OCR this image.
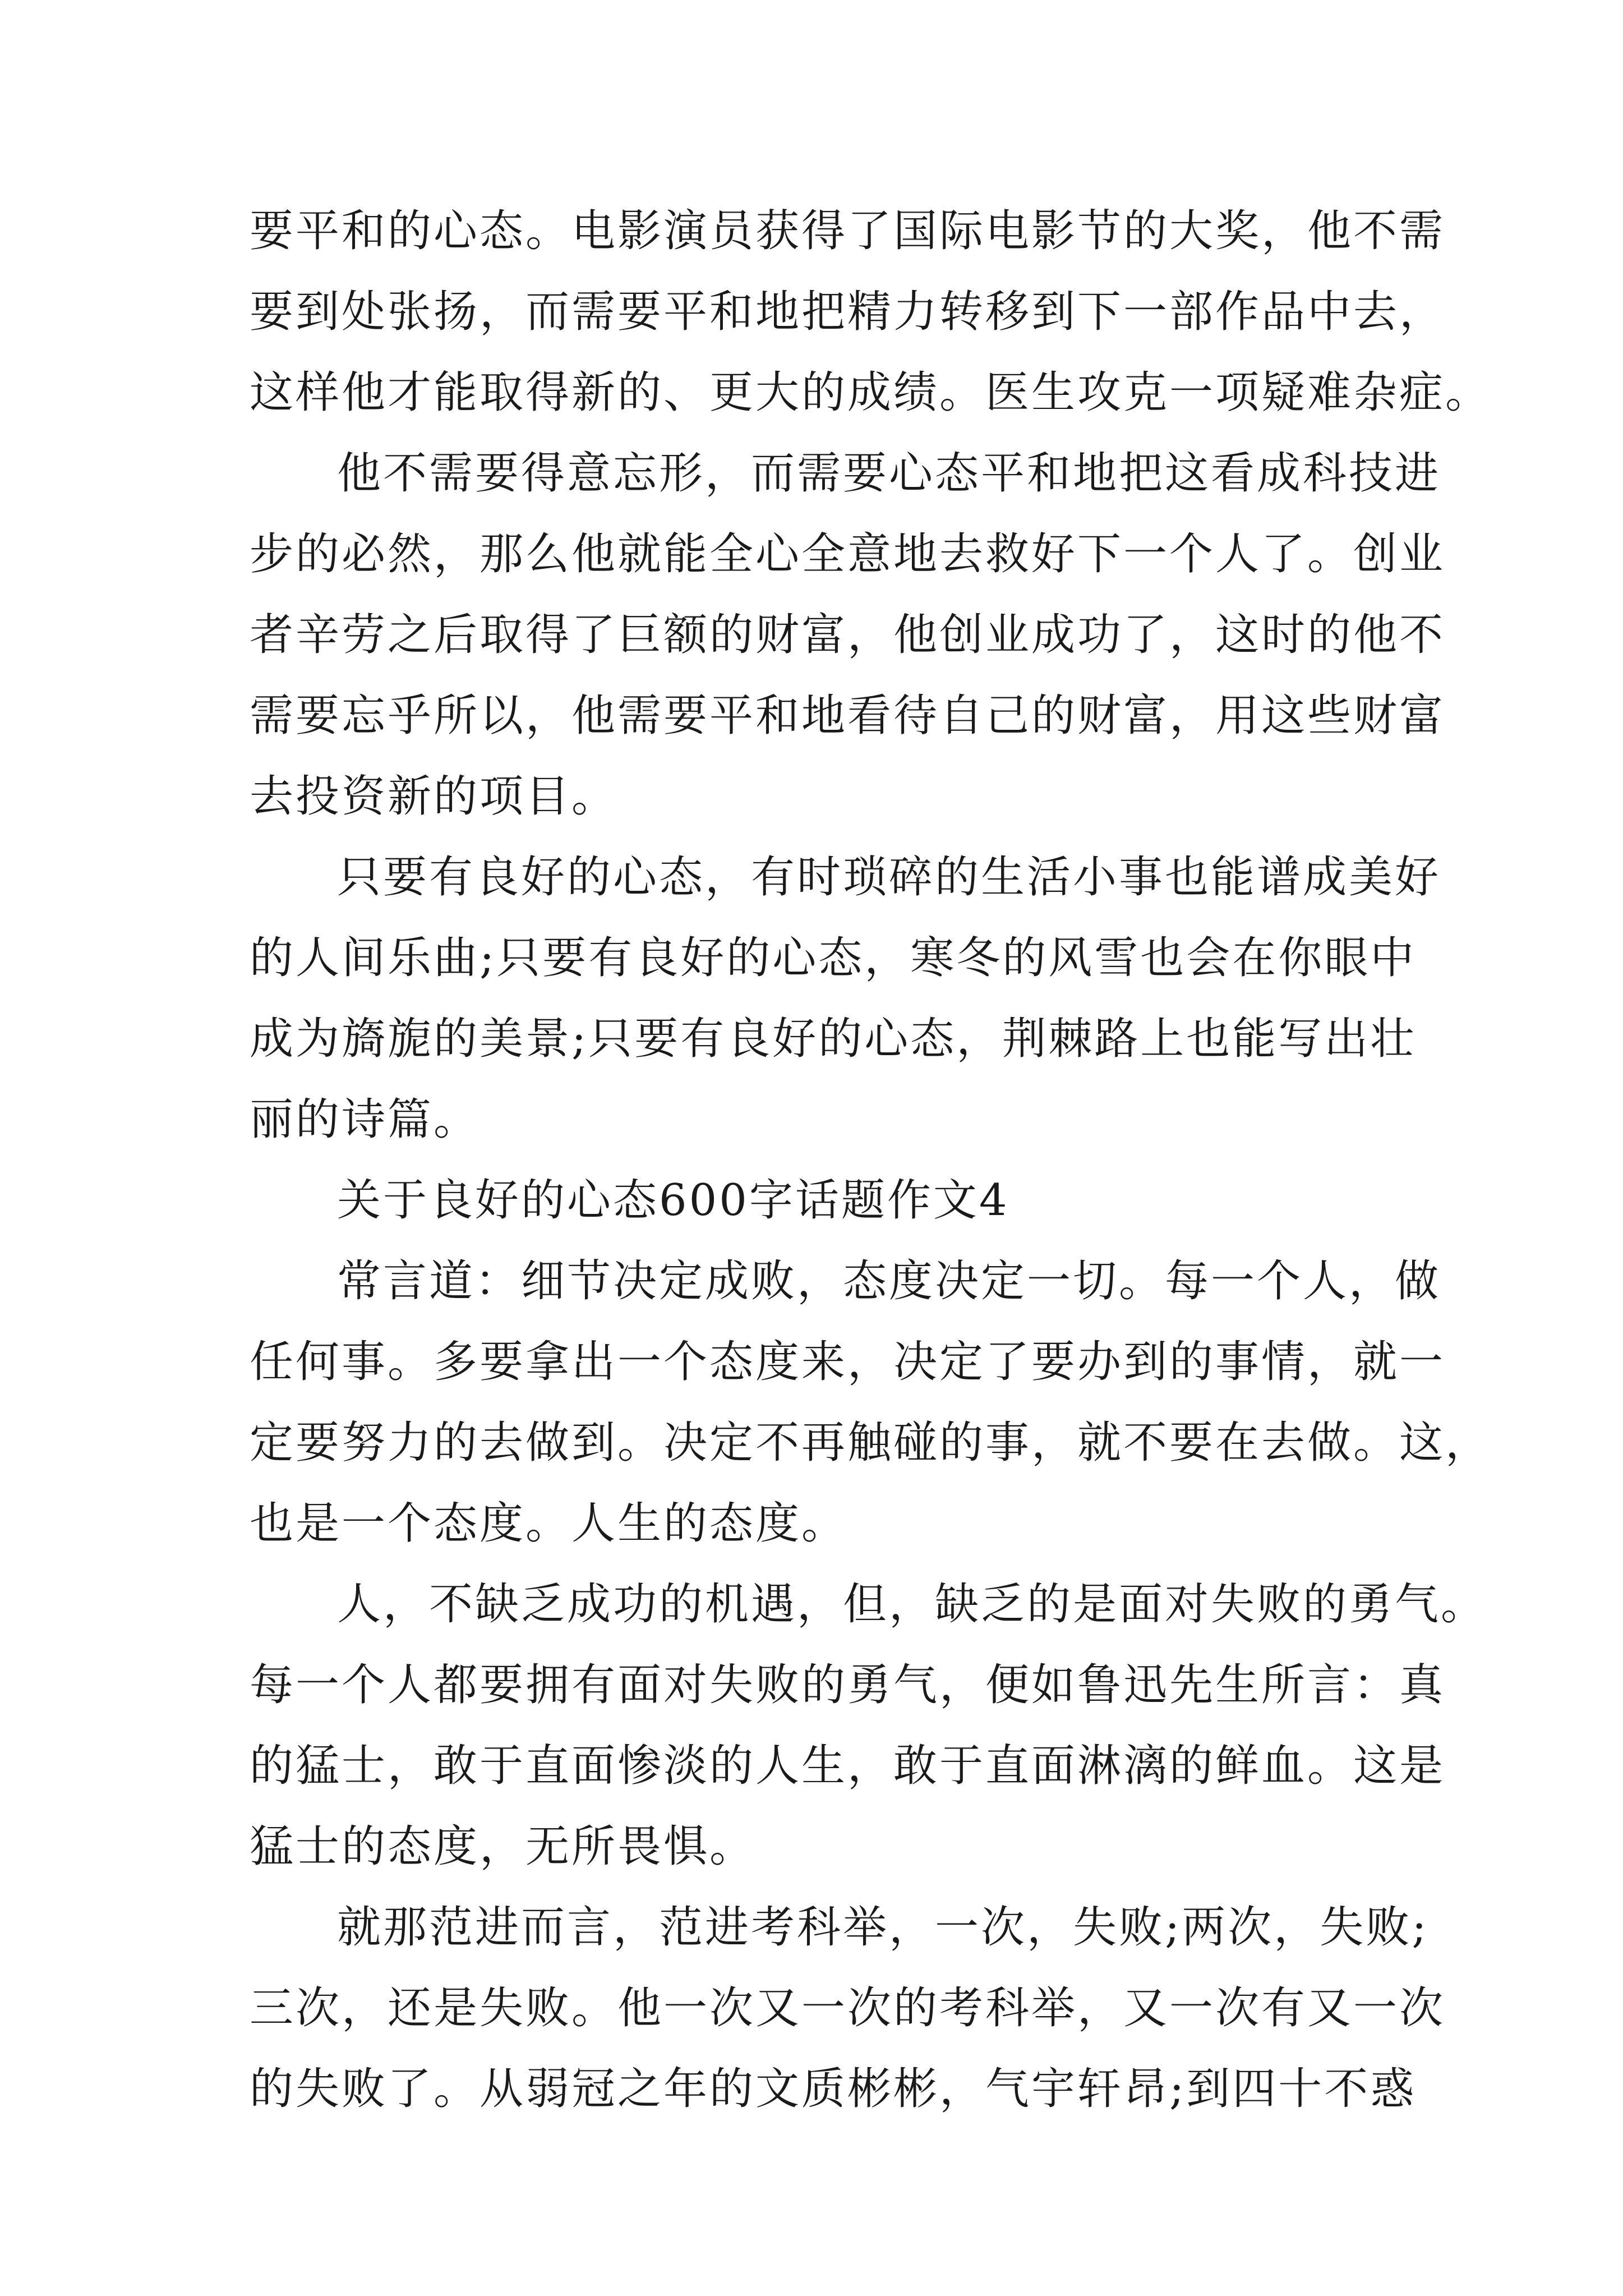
要平和的心态。电影演员获得了国际电影节的大奖，他不需
要到处张扬，而需要平和地把精力转移到下一部作品中去，
这样他才能取得新的、更大的成绩。医生攻克一项疑难杂症。

他不需要得意忘形，而需要心态平和地把这看成科技进
步的必然，那么他就能全心全意地去救好下一个人了。创业
者辛劳之后取得了巨额的财富，他创业成功了，这时的他不
需要忘乎所以，他需要平和地看待自己的财富，用这些财富
去投资新的项目。

只要有良好的心态，有时琐碎的生活小事也能谱成美好
的人间乐曲;只要有良好的心态，寒冬的风雪也会在你眼中
成为旖旎的美景;只要有良好的心态，荆棘路上也能写出壮
丽的诗篇。

关于良好的心态600字话题作文4

常言道：细节决定成败，态度决定一切。每一个人，做
任何事。多要拿出一个态度来，决定了要办到的事情，就一
定要努力的去做到。决定不再触碰的事，就不要在去做。这，
也是一个态度。人生的态度。

人，不缺乏成功的机遇，但，缺乏的是面对失败的勇气。
每一个人都要拥有面对失败的勇气，便如鲁迅先生所言：真
的猛士，敢于直面惨淡的人生，敢于直面淋漓的鲜血。这是
猛士的态度，无所畏惧。

就那范进而言，范进考科举，一次，失败;两次，失败;
三次，还是失败。他一次又一次的考科举，又一次有又一次
的失败了。从弱冠之年的文质彬彬，气宇轩昂;到四十不惑
